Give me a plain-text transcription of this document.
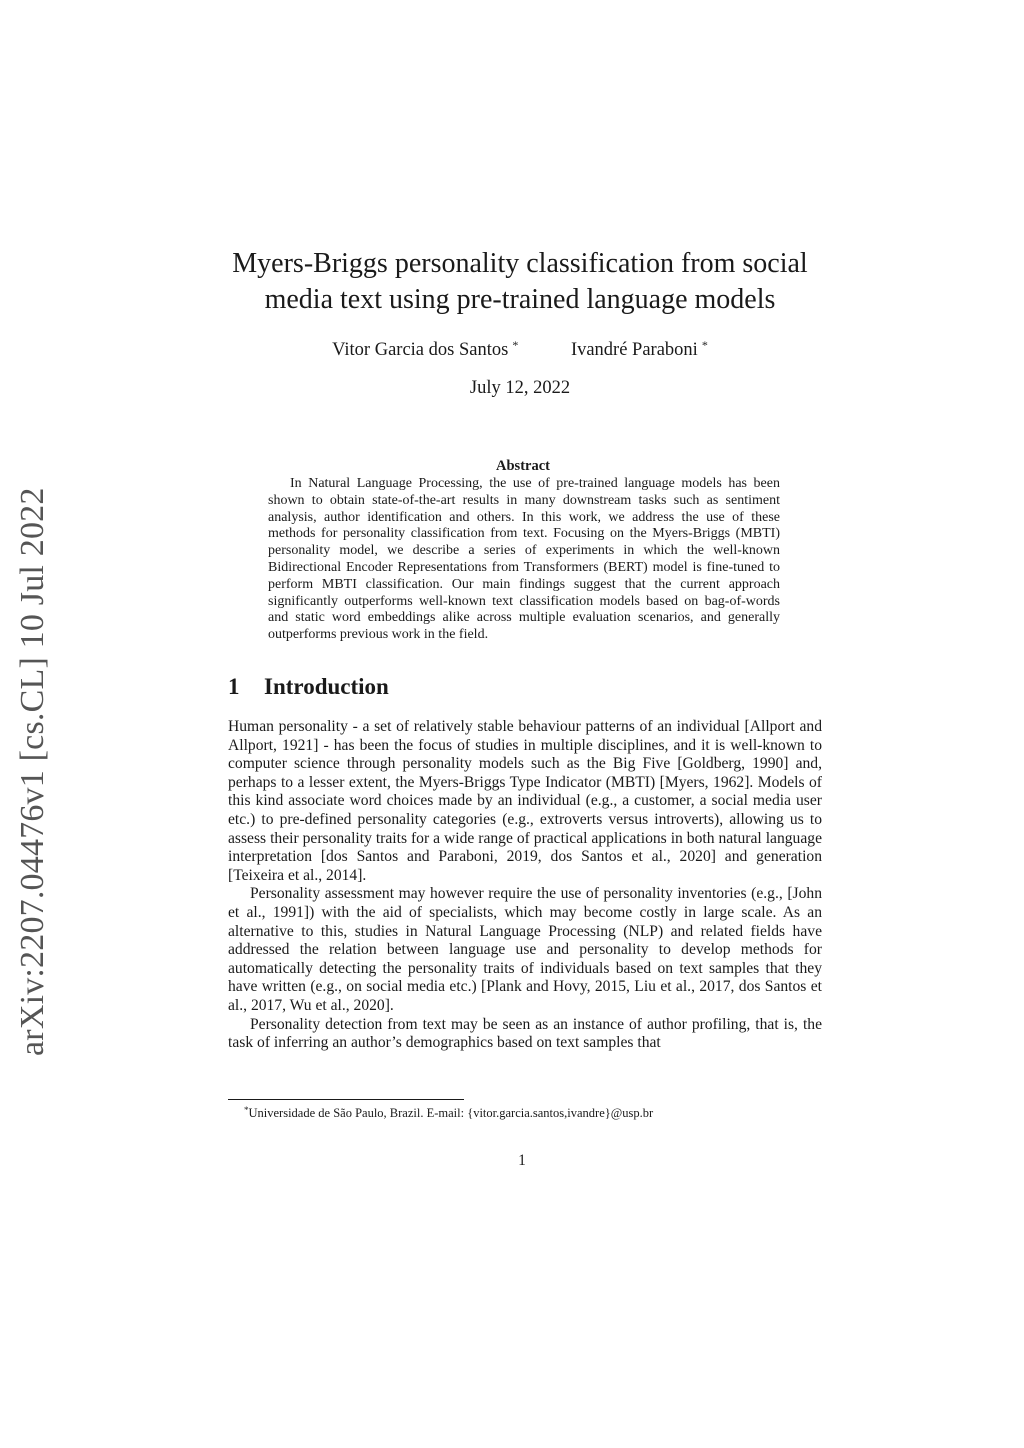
arXiv:2207.04476v1 [cs.CL] 10 Jul 2022
Myers-Briggs personality classification from social
media text using pre-trained language models
Vitor Garcia dos Santos *	Ivandré Paraboni *
July 12, 2022
Abstract

In Natural Language Processing, the use of pre-trained language models has been shown to obtain state-of-the-art results in many downstream tasks such as sentiment analysis, author identification and others. In this work, we address the use of these methods for personality classification from text. Focusing on the Myers-Briggs (MBTI) personality model, we describe a series of experiments in which the well-known Bidirectional Encoder Representations from Transformers (BERT) model is fine-tuned to perform MBTI classification. Our main findings suggest that the current approach significantly outperforms well-known text classification models based on bag-of-words and static word embeddings alike across multiple evaluation scenarios, and generally outperforms previous work in the field.

1 Introduction

Human personality - a set of relatively stable behaviour patterns of an individual [Allport and Allport, 1921] - has been the focus of studies in multiple disciplines, and it is well-known to computer science through personality models such as the Big Five [Goldberg, 1990] and, perhaps to a lesser extent, the Myers-Briggs Type Indicator (MBTI) [Myers, 1962]. Models of this kind associate word choices made by an individual (e.g., a customer, a social media user etc.) to pre-defined personality categories (e.g., extroverts versus introverts), allowing us to assess their personality traits for a wide range of practical applications in both natural language interpretation [dos Santos and Paraboni, 2019, dos Santos et al., 2020] and generation [Teixeira et al., 2014].

Personality assessment may however require the use of personality inventories (e.g., [John et al., 1991]) with the aid of specialists, which may become costly in large scale. As an alternative to this, studies in Natural Language Processing (NLP) and related fields have addressed the relation between language use and personality to develop methods for automatically detecting the personality traits of individuals based on text samples that they have written (e.g., on social media etc.) [Plank and Hovy, 2015, Liu et al., 2017, dos Santos et al., 2017, Wu et al., 2020].

Personality detection from text may be seen as an instance of author profiling, that is, the task of inferring an author’s demographics based on text samples that

*Universidade de São Paulo, Brazil. E-mail: {vitor.garcia.santos,ivandre}@usp.br
1
